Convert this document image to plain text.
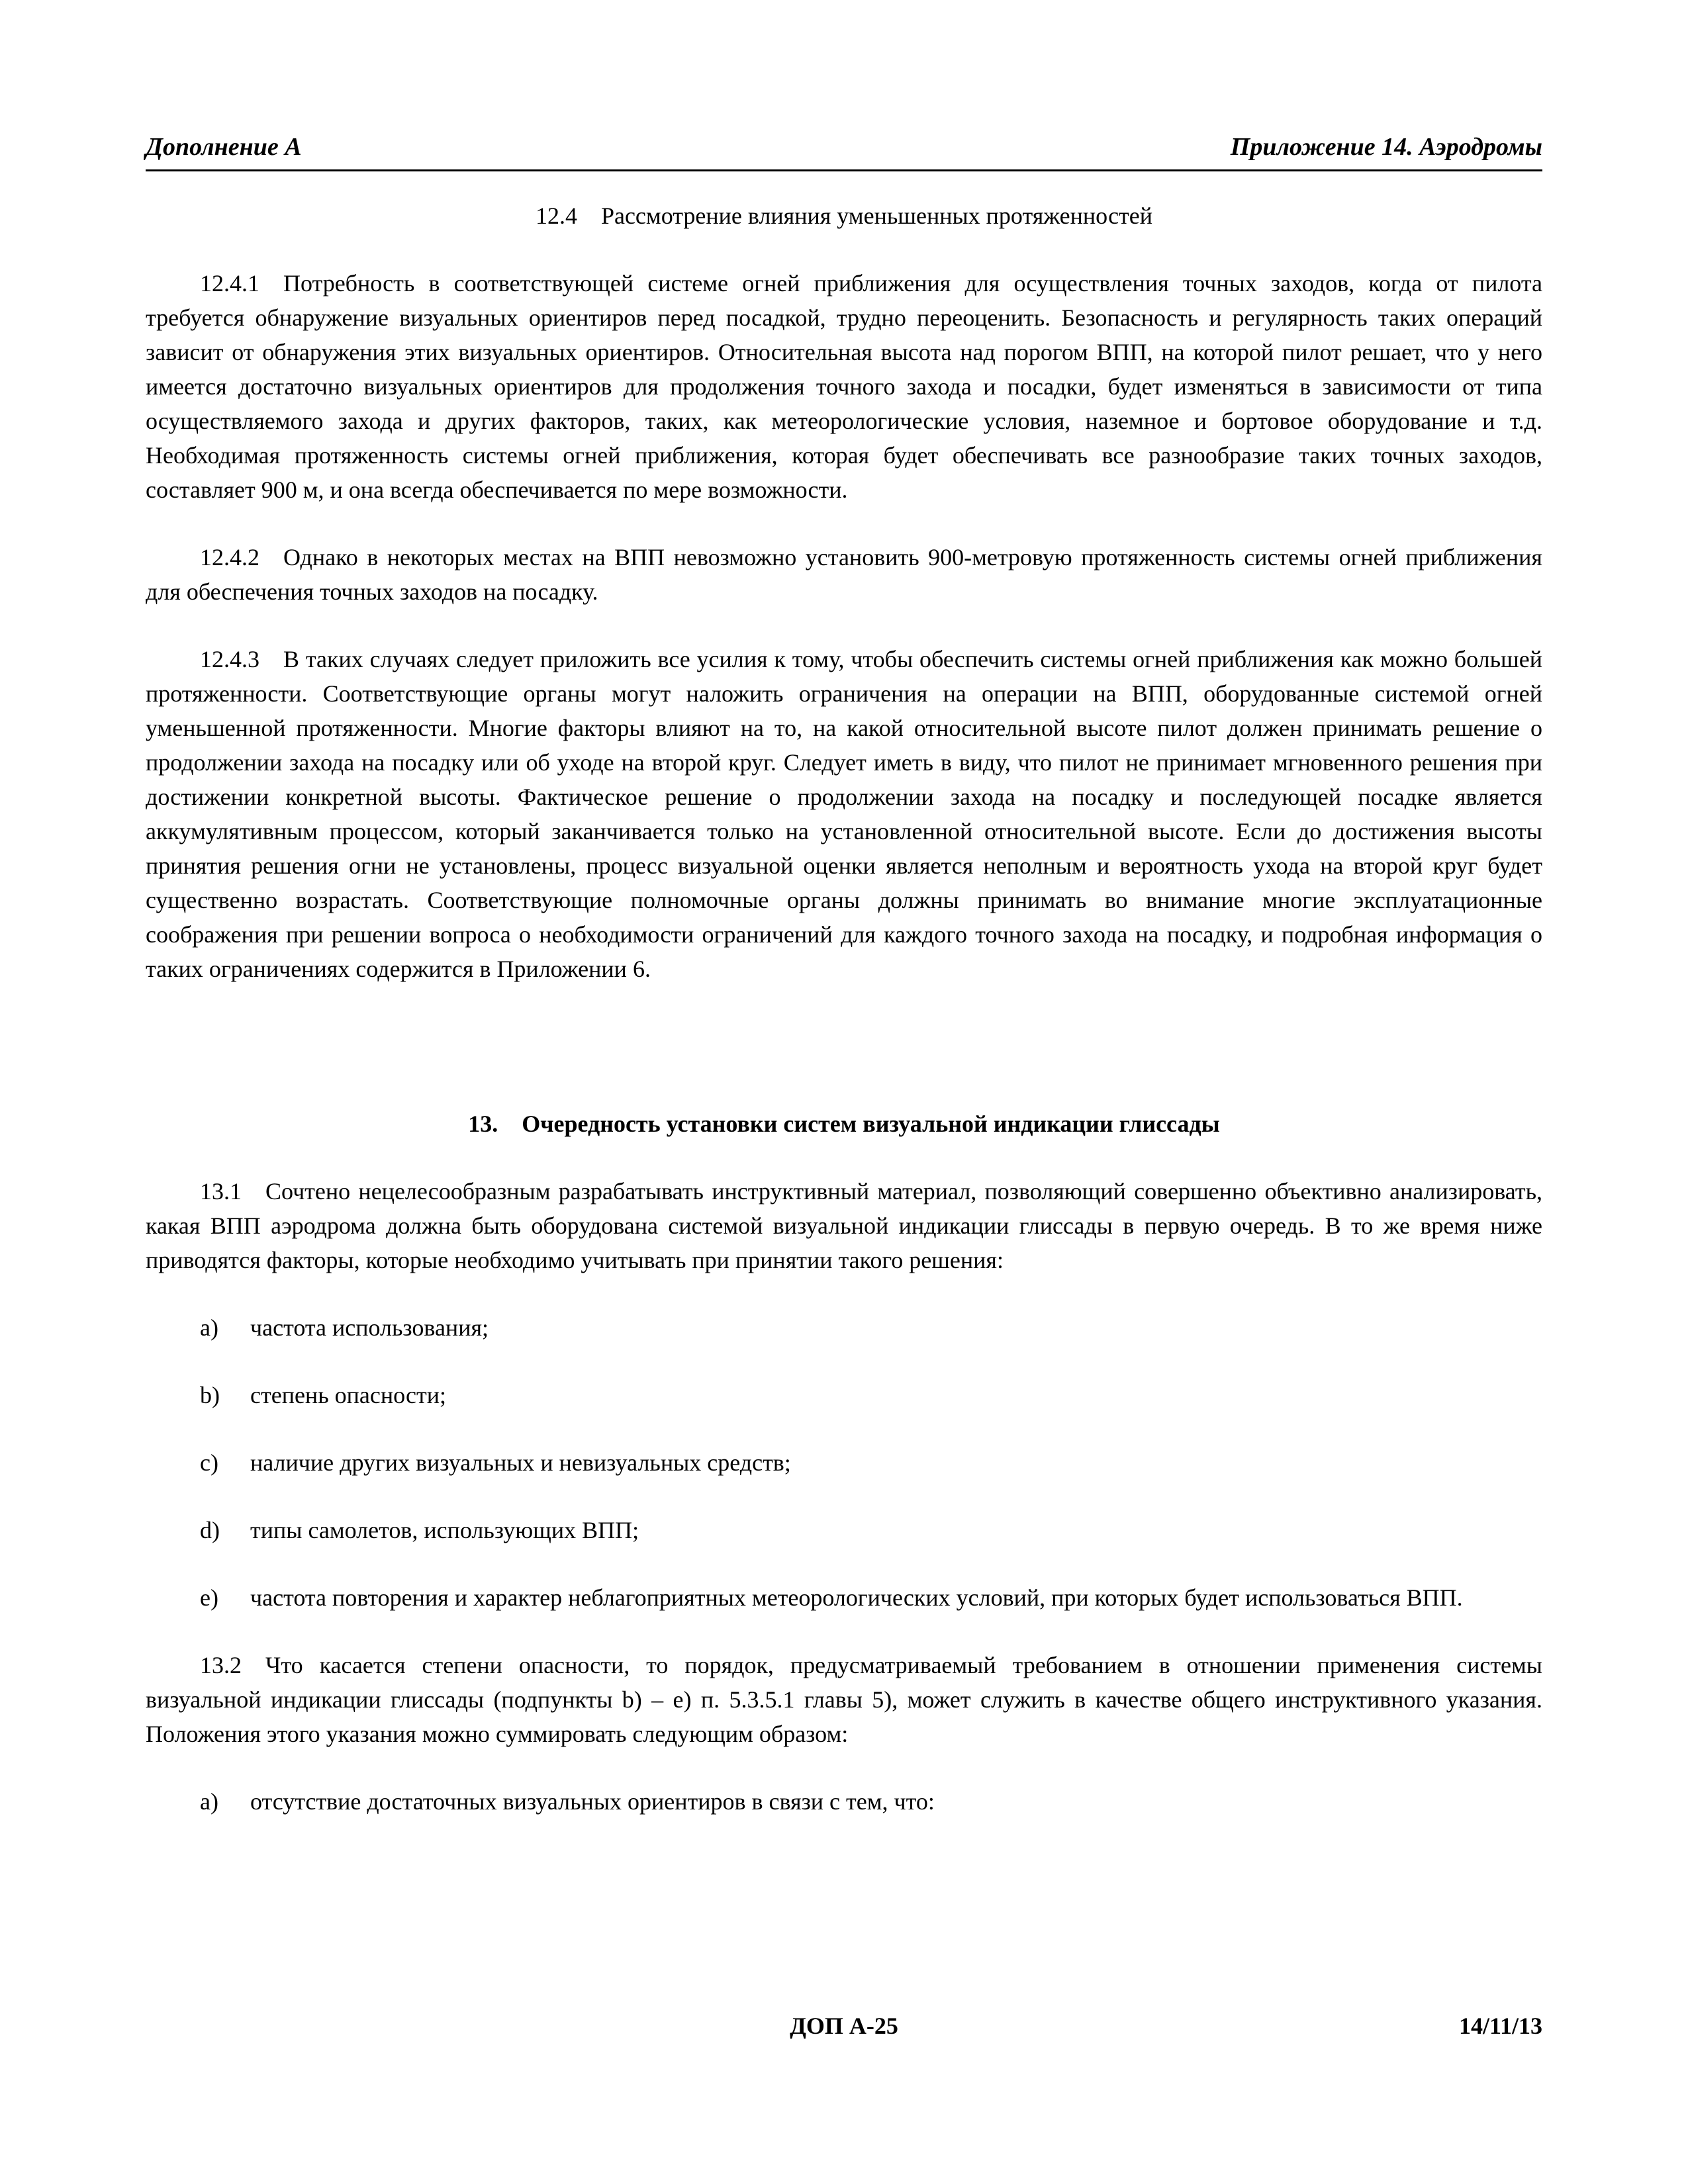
Дополнение А	Приложение 14. Аэродромы
12.4 Рассмотрение влияния уменьшенных протяженностей

12.4.1 Потребность в соответствующей системе огней приближения для осуществления точных заходов, когда от пилота требуется обнаружение визуальных ориентиров перед посадкой, трудно переоценить. Безопасность и регулярность таких операций зависит от обнаружения этих визуальных ориентиров. Относительная высота над порогом ВПП, на которой пилот решает, что у него имеется достаточно визуальных ориентиров для продолжения точного захода и посадки, будет изменяться в зависимости от типа осуществляемого захода и других факторов, таких, как метеорологические условия, наземное и бортовое оборудование и т.д. Необходимая протяженность системы огней приближения, которая будет обеспечивать все разнообразие таких точных заходов, составляет 900 м, и она всегда обеспечивается по мере возможности.

12.4.2 Однако в некоторых местах на ВПП невозможно установить 900-метровую протяженность системы огней приближения для обеспечения точных заходов на посадку.

12.4.3 В таких случаях следует приложить все усилия к тому, чтобы обеспечить системы огней приближения как можно большей протяженности. Соответствующие органы могут наложить ограничения на операции на ВПП, оборудованные системой огней уменьшенной протяженности. Многие факторы влияют на то, на какой относительной высоте пилот должен принимать решение о продолжении захода на посадку или об уходе на второй круг. Следует иметь в виду, что пилот не принимает мгновенного решения при достижении конкретной высоты. Фактическое решение о продолжении захода на посадку и последующей посадке является аккумулятивным процессом, который заканчивается только на установленной относительной высоте. Если до достижения высоты принятия решения огни не установлены, процесс визуальной оценки является неполным и вероятность ухода на второй круг будет существенно возрастать. Соответствующие полномочные органы должны принимать во внимание многие эксплуатационные соображения при решении вопроса о необходимости ограничений для каждого точного захода на посадку, и подробная информация о таких ограничениях содержится в Приложении 6.

13. Очередность установки систем визуальной индикации глиссады

13.1 Сочтено нецелесообразным разрабатывать инструктивный материал, позволяющий совершенно объективно анализировать, какая ВПП аэродрома должна быть оборудована системой визуальной индикации глиссады в первую очередь. В то же время ниже приводятся факторы, которые необходимо учитывать при принятии такого решения:

a)	частота использования;
b)	степень опасности;
c)	наличие других визуальных и невизуальных средств;
d)	типы самолетов, использующих ВПП;
e)	частота повторения и характер неблагоприятных метеорологических условий, при которых будет использоваться ВПП.

13.2 Что касается степени опасности, то порядок, предусматриваемый требованием в отношении применения системы визуальной индикации глиссады (подпункты b) – e) п. 5.3.5.1 главы 5), может служить в качестве общего инструктивного указания. Положения этого указания можно суммировать следующим образом:

a)	отсутствие достаточных визуальных ориентиров в связи с тем, что:
ДОП А-25	14/11/13
